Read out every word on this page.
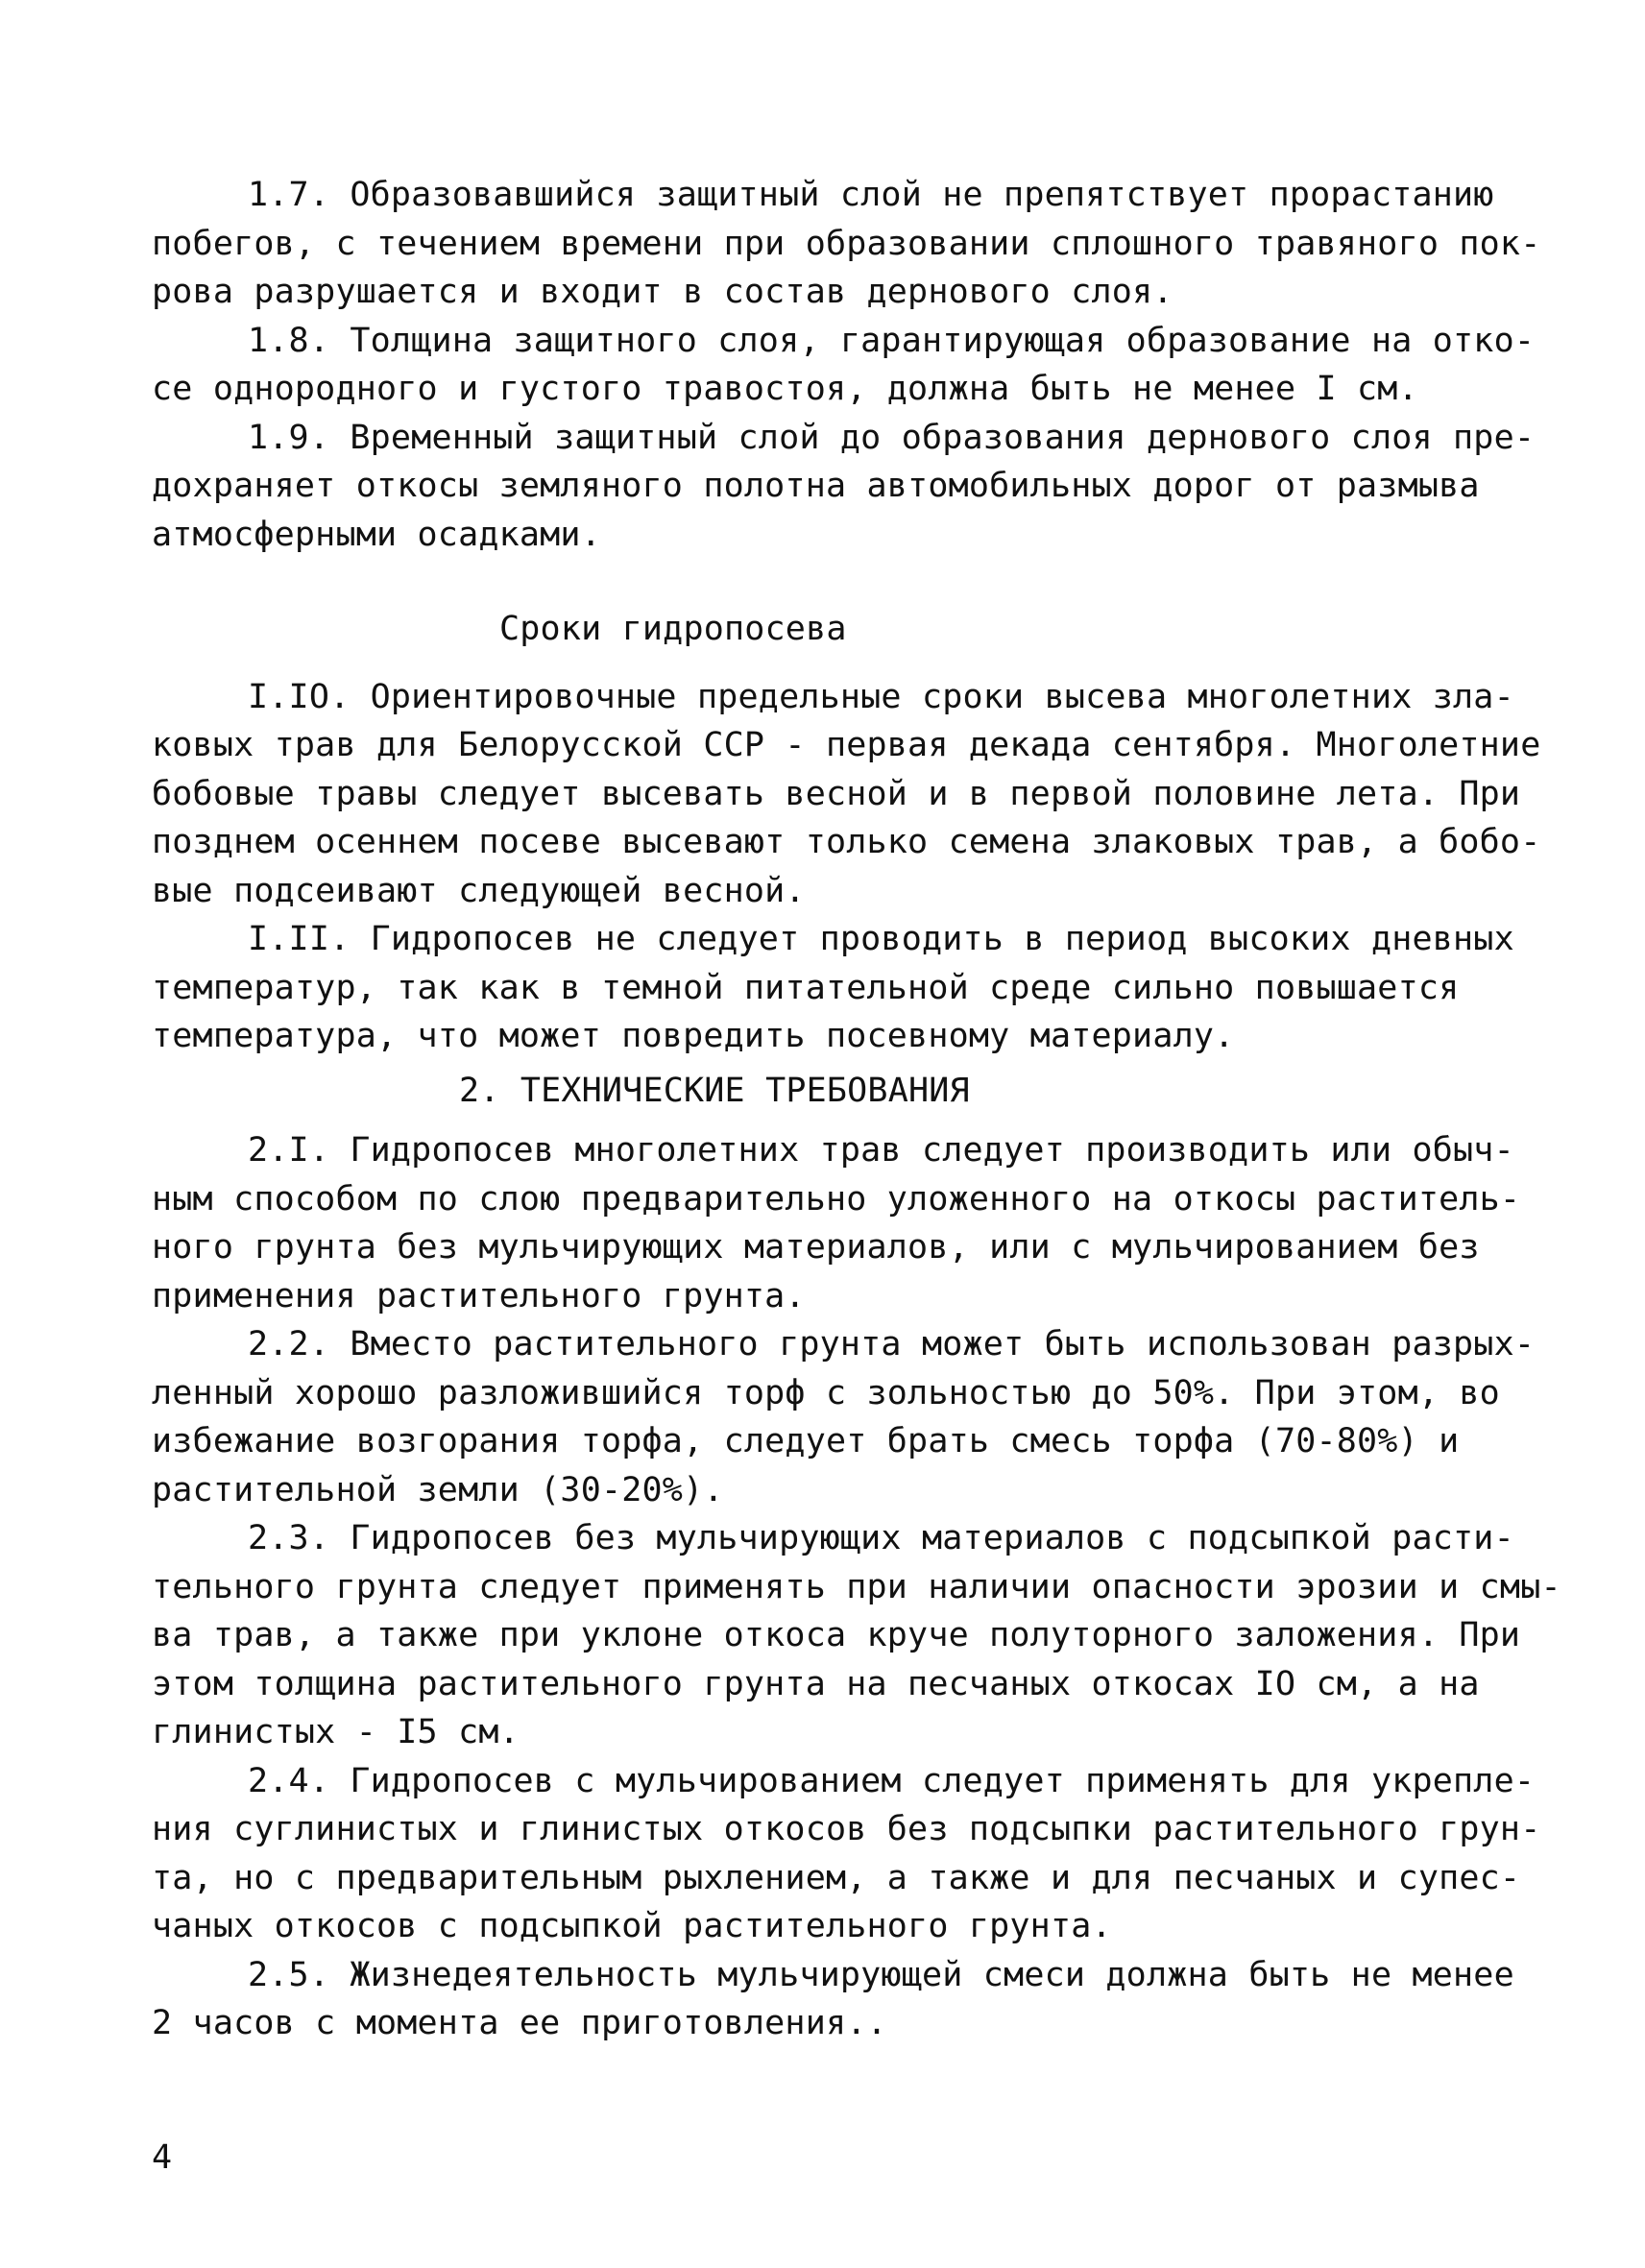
1.7. Образовавшийся защитный слой не препятствует прорастанию
побегов, с течением времени при образовании сплошного травяного пок-
рова разрушается и входит в состав дернового слоя.
1.8. Толщина защитного слоя, гарантирующая образование на отко-
се однородного и густого травостоя, должна быть не менее I см.
1.9. Временный защитный слой до образования дернового слоя пре-
дохраняет откосы земляного полотна автомобильных дорог от размыва
атмосферными осадками.
Сроки гидропосева
I.IO. Ориентировочные предельные сроки высева многолетних зла-
ковых трав для Белорусской ССР - первая декада сентября. Многолетние
бобовые травы следует высевать весной и в первой половине лета. При
позднем осеннем посеве высевают только семена злаковых трав, а бобо-
вые подсеивают следующей весной.
I.II. Гидропосев не следует проводить в период высоких дневных
температур, так как в темной питательной среде сильно повышается
температура, что может повредить посевному материалу.
2. ТЕХНИЧЕСКИЕ ТРЕБОВАНИЯ
2.I. Гидропосев многолетних трав следует производить или обыч-
ным способом по слою предварительно уложенного на откосы раститель-
ного грунта без мульчирующих материалов, или с мульчированием без
применения растительного грунта.
2.2. Вместо растительного грунта может быть использован разрых-
ленный хорошо разложившийся торф с зольностью до 50%. При этом, во
избежание возгорания торфа, следует брать смесь торфа (70-80%) и
растительной земли (30-20%).
2.3. Гидропосев без мульчирующих материалов с подсыпкой расти-
тельного грунта следует применять при наличии опасности эрозии и смы-
ва трав, а также при уклоне откоса круче полуторного заложения. При
этом толщина растительного грунта на песчаных откосах IO см, а на
глинистых - I5 см.
2.4. Гидропосев с мульчированием следует применять для укрепле-
ния суглинистых и глинистых откосов без подсыпки растительного грун-
та, но с предварительным рыхлением, а также и для песчаных и супес-
чаных откосов с подсыпкой растительного грунта.
2.5. Жизнедеятельность мульчирующей смеси должна быть не менее
2 часов с момента ее приготовления..
4
